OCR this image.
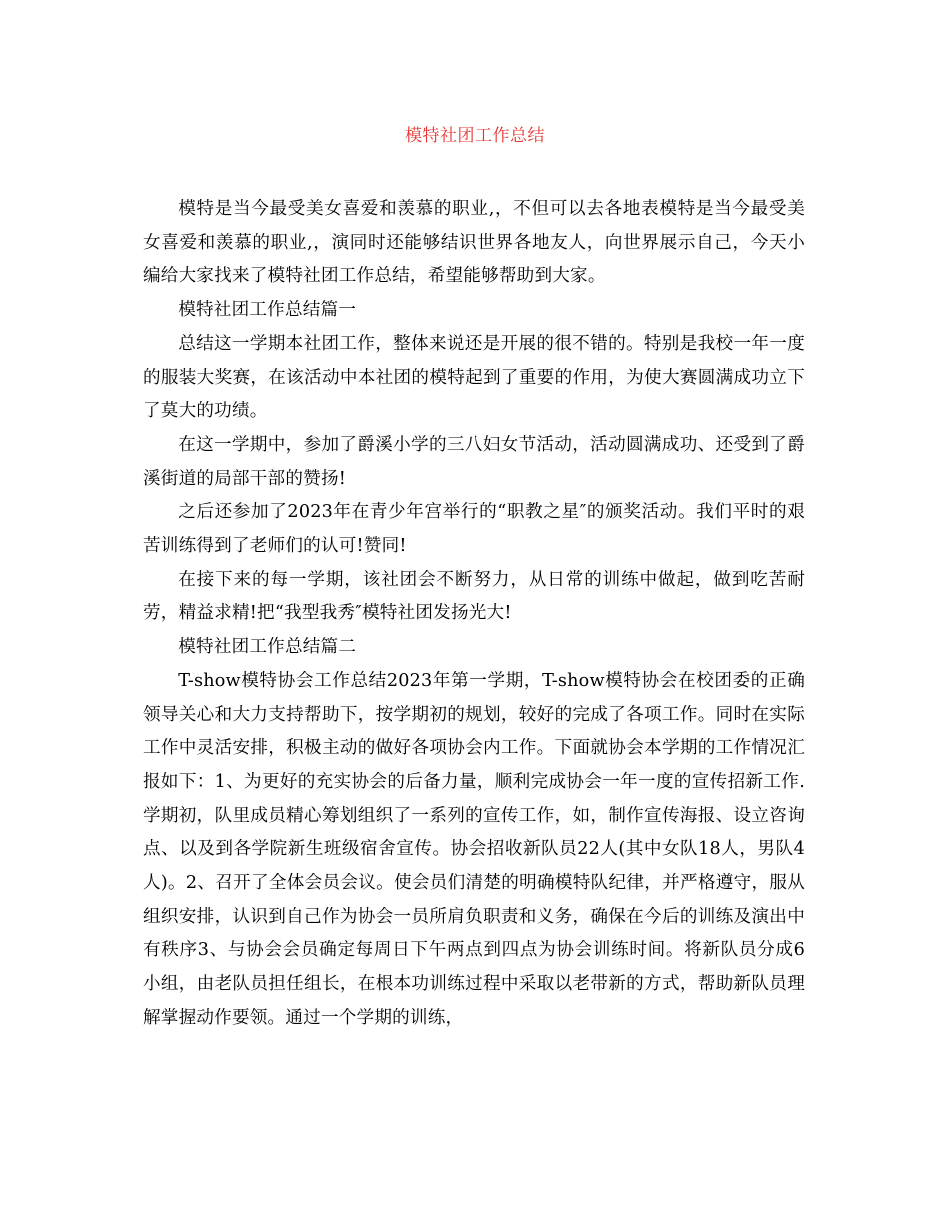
模特社团工作总结

模特是当今最受美女喜爱和羡慕的职业,，不但可以去各地表模特是当今最受美女喜爱和羡慕的职业,，演同时还能够结识世界各地友人，向世界展示自己，今天小编给大家找来了模特社团工作总结，希望能够帮助到大家。

模特社团工作总结篇一

总结这一学期本社团工作，整体来说还是开展的很不错的。特别是我校一年一度的服装大奖赛，在该活动中本社团的模特起到了重要的作用，为使大赛圆满成功立下了莫大的功绩。

在这一学期中，参加了爵溪小学的三八妇女节活动，活动圆满成功、还受到了爵溪街道的局部干部的赞扬!

之后还参加了2023年在青少年宫举行的“职教之星″的颁奖活动。我们平时的艰苦训练得到了老师们的认可!赞同!

在接下来的每一学期，该社团会不断努力，从日常的训练中做起，做到吃苦耐劳，精益求精!把“我型我秀″模特社团发扬光大!

模特社团工作总结篇二

T-show模特协会工作总结2023年第一学期，T-show模特协会在校团委的正确领导关心和大力支持帮助下，按学期初的规划，较好的完成了各项工作。同时在实际工作中灵活安排，积极主动的做好各项协会内工作。下面就协会本学期的工作情况汇报如下：1、为更好的充实协会的后备力量，顺利完成协会一年一度的宣传招新工作. 学期初，队里成员精心筹划组织了一系列的宣传工作，如，制作宣传海报、设立咨询点、以及到各学院新生班级宿舍宣传。协会招收新队员22人(其中女队18人，男队4人)。2、召开了全体会员会议。使会员们清楚的明确模特队纪律，并严格遵守，服从组织安排，认识到自己作为协会一员所肩负职责和义务，确保在今后的训练及演出中有秩序3、与协会会员确定每周日下午两点到四点为协会训练时间。将新队员分成6小组，由老队员担任组长，在根本功训练过程中采取以老带新的方式，帮助新队员理解掌握动作要领。通过一个学期的训练，
